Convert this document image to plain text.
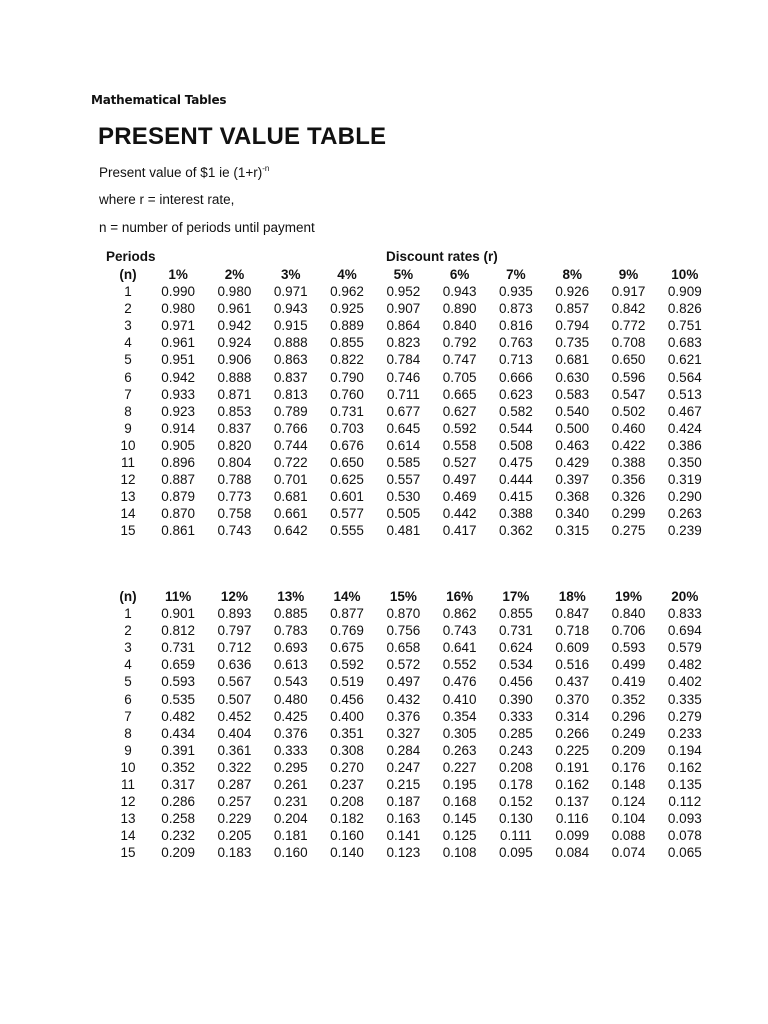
Mathematical Tables
PRESENT VALUE TABLE
Present value of $1 ie $(1+r)^{-n}$
where r = interest rate,
n = number of periods until payment
Periods	Discount rates (r)
(n)	1%	2%	3%	4%	5%	6%	7%	8%	9%	10%
1	0.990	0.980	0.971	0.962	0.952	0.943	0.935	0.926	0.917	0.909
2	0.980	0.961	0.943	0.925	0.907	0.890	0.873	0.857	0.842	0.826
3	0.971	0.942	0.915	0.889	0.864	0.840	0.816	0.794	0.772	0.751
4	0.961	0.924	0.888	0.855	0.823	0.792	0.763	0.735	0.708	0.683
5	0.951	0.906	0.863	0.822	0.784	0.747	0.713	0.681	0.650	0.621
6	0.942	0.888	0.837	0.790	0.746	0.705	0.666	0.630	0.596	0.564
7	0.933	0.871	0.813	0.760	0.711	0.665	0.623	0.583	0.547	0.513
8	0.923	0.853	0.789	0.731	0.677	0.627	0.582	0.540	0.502	0.467
9	0.914	0.837	0.766	0.703	0.645	0.592	0.544	0.500	0.460	0.424
10	0.905	0.820	0.744	0.676	0.614	0.558	0.508	0.463	0.422	0.386
11	0.896	0.804	0.722	0.650	0.585	0.527	0.475	0.429	0.388	0.350
12	0.887	0.788	0.701	0.625	0.557	0.497	0.444	0.397	0.356	0.319
13	0.879	0.773	0.681	0.601	0.530	0.469	0.415	0.368	0.326	0.290
14	0.870	0.758	0.661	0.577	0.505	0.442	0.388	0.340	0.299	0.263
15	0.861	0.743	0.642	0.555	0.481	0.417	0.362	0.315	0.275	0.239
(n)	11%	12%	13%	14%	15%	16%	17%	18%	19%	20%
1	0.901	0.893	0.885	0.877	0.870	0.862	0.855	0.847	0.840	0.833
2	0.812	0.797	0.783	0.769	0.756	0.743	0.731	0.718	0.706	0.694
3	0.731	0.712	0.693	0.675	0.658	0.641	0.624	0.609	0.593	0.579
4	0.659	0.636	0.613	0.592	0.572	0.552	0.534	0.516	0.499	0.482
5	0.593	0.567	0.543	0.519	0.497	0.476	0.456	0.437	0.419	0.402
6	0.535	0.507	0.480	0.456	0.432	0.410	0.390	0.370	0.352	0.335
7	0.482	0.452	0.425	0.400	0.376	0.354	0.333	0.314	0.296	0.279
8	0.434	0.404	0.376	0.351	0.327	0.305	0.285	0.266	0.249	0.233
9	0.391	0.361	0.333	0.308	0.284	0.263	0.243	0.225	0.209	0.194
10	0.352	0.322	0.295	0.270	0.247	0.227	0.208	0.191	0.176	0.162
11	0.317	0.287	0.261	0.237	0.215	0.195	0.178	0.162	0.148	0.135
12	0.286	0.257	0.231	0.208	0.187	0.168	0.152	0.137	0.124	0.112
13	0.258	0.229	0.204	0.182	0.163	0.145	0.130	0.116	0.104	0.093
14	0.232	0.205	0.181	0.160	0.141	0.125	0.111	0.099	0.088	0.078
15	0.209	0.183	0.160	0.140	0.123	0.108	0.095	0.084	0.074	0.065
